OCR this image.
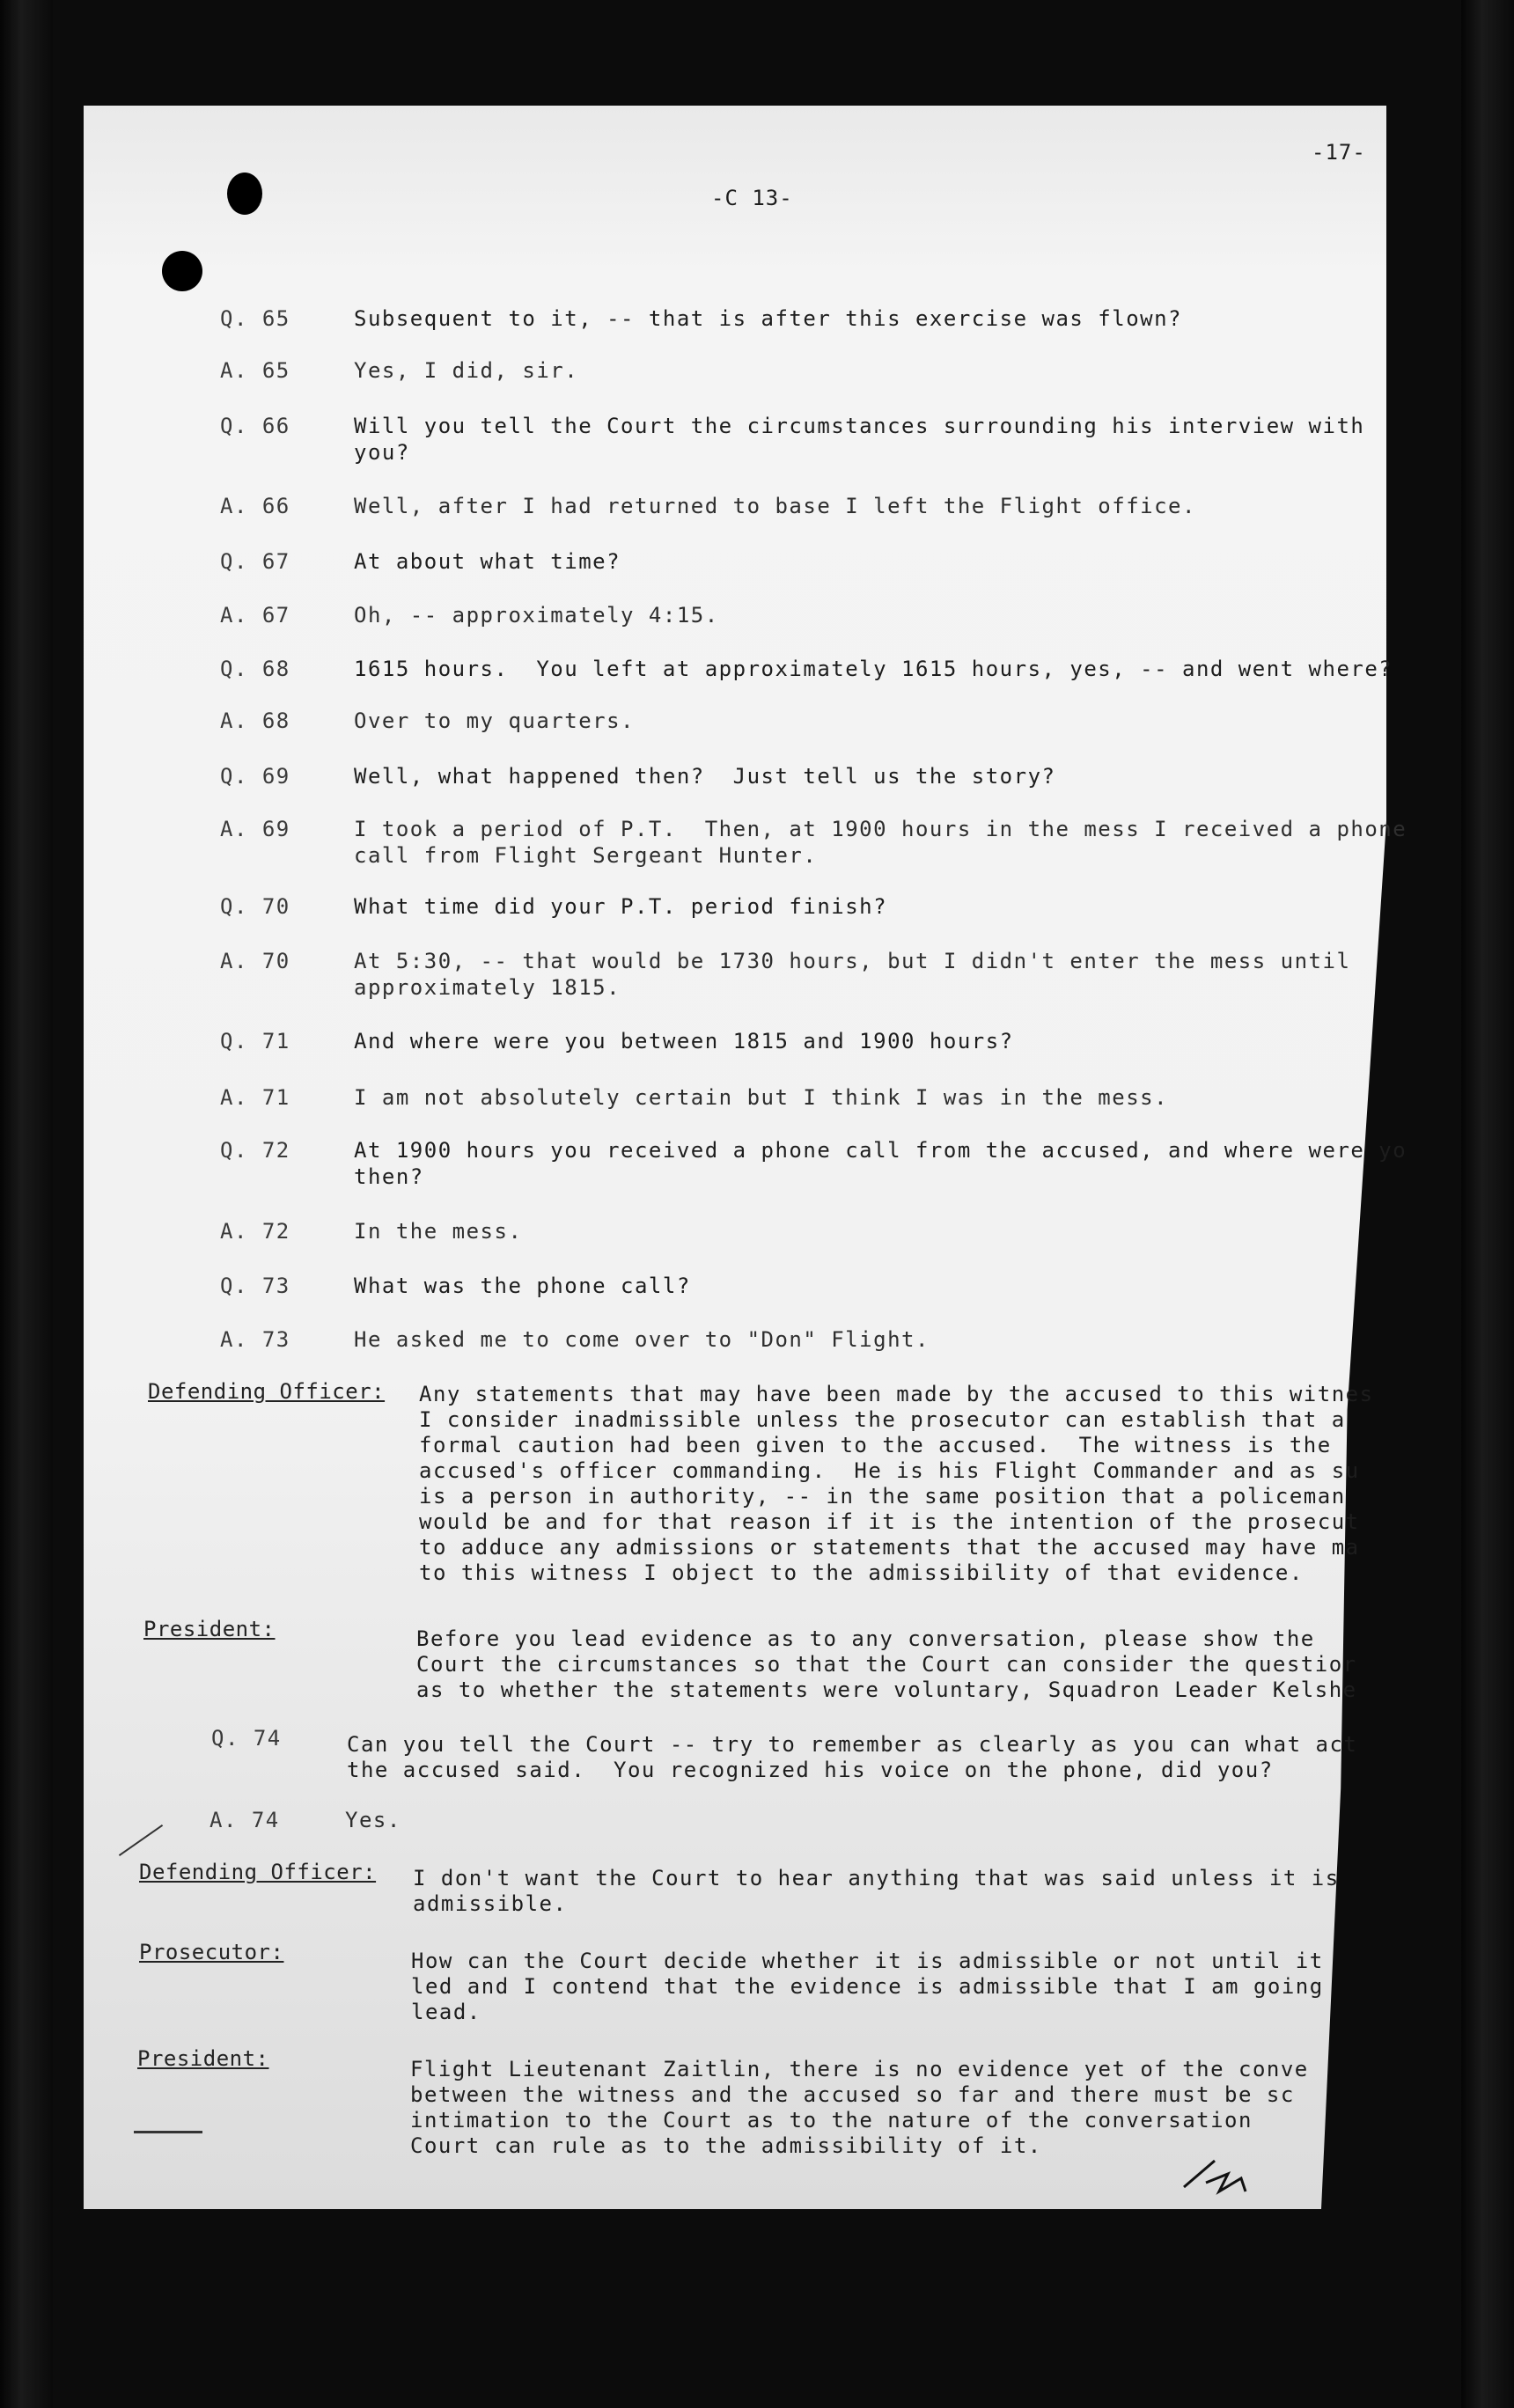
-17-
-C 13-
Q. 65	Subsequent to it, -- that is after this exercise was flown?
A. 65	Yes, I did, sir.
Q. 66	Will you tell the Court the circumstances surrounding his interview with
you?
A. 66	Well, after I had returned to base I left the Flight office.
Q. 67	At about what time?
A. 67	Oh, -- approximately 4:15.
Q. 68	1615 hours.  You left at approximately 1615 hours, yes, -- and went where?
A. 68	Over to my quarters.
Q. 69	Well, what happened then?  Just tell us the story?
A. 69	I took a period of P.T.  Then, at 1900 hours in the mess I received a phone
call from Flight Sergeant Hunter.
Q. 70	What time did your P.T. period finish?
A. 70	At 5:30, -- that would be 1730 hours, but I didn't enter the mess until
approximately 1815.
Q. 71	And where were you between 1815 and 1900 hours?
A. 71	I am not absolutely certain but I think I was in the mess.
Q. 72	At 1900 hours you received a phone call from the accused, and where were yo
then?
A. 72	In the mess.
Q. 73	What was the phone call?
A. 73	He asked me to come over to "Don" Flight.
Defending Officer: Any statements that may have been made by the accused to this witnes
I consider inadmissible unless the prosecutor can establish that a
formal caution had been given to the accused.  The witness is the
accused's officer commanding.  He is his Flight Commander and as su
is a person in authority, -- in the same position that a policeman
would be and for that reason if it is the intention of the prosecut
to adduce any admissions or statements that the accused may have ma
to this witness I object to the admissibility of that evidence.
President:	Before you lead evidence as to any conversation, please show the
Court the circumstances so that the Court can consider the questior
as to whether the statements were voluntary, Squadron Leader Kelshe
Q. 74	Can you tell the Court -- try to remember as clearly as you can what act
the accused said.  You recognized his voice on the phone, did you?
A. 74	Yes.
Defending Officer: I don't want the Court to hear anything that was said unless it is
admissible.
Prosecutor:	How can the Court decide whether it is admissible or not until it
led and I contend that the evidence is admissible that I am going
lead.
President:	Flight Lieutenant Zaitlin, there is no evidence yet of the conve
between the witness and the accused so far and there must be sc
intimation to the Court as to the nature of the conversation
Court can rule as to the admissibility of it.
